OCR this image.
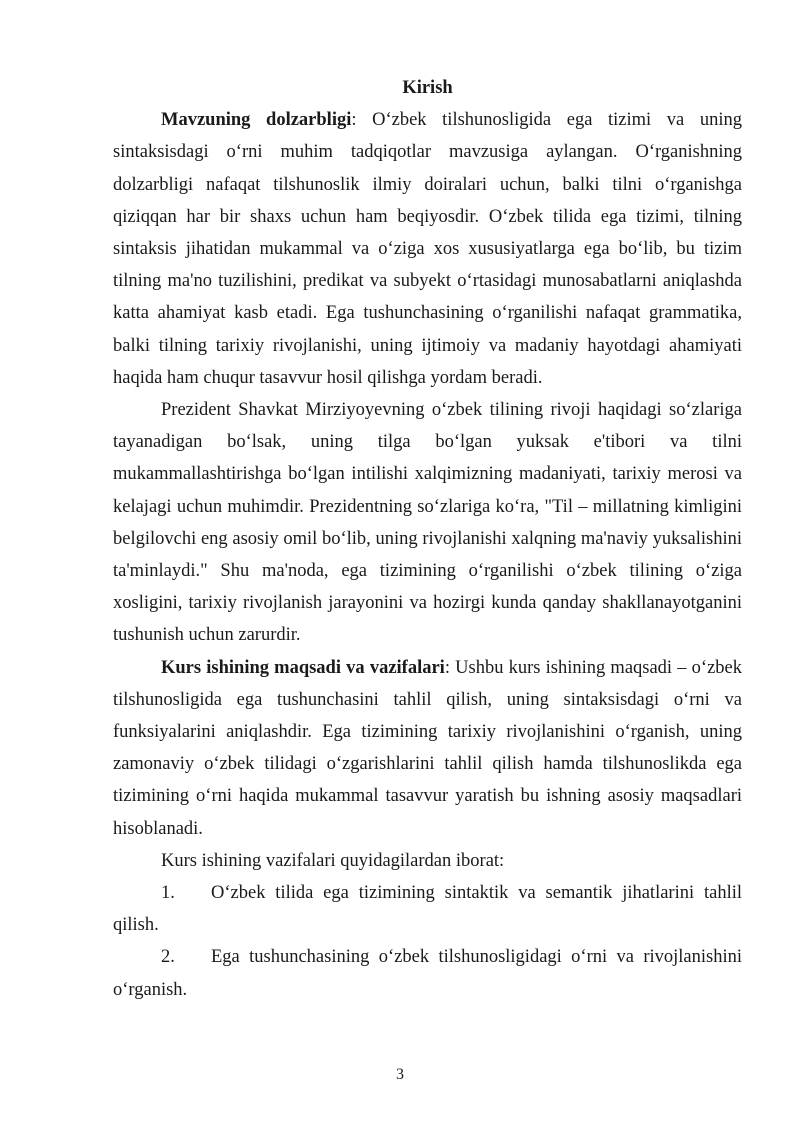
Kirish

Mavzuning dolzarbligi: O‘zbek tilshunosligida ega tizimi va uning sintaksisdagi o‘rni muhim tadqiqotlar mavzusiga aylangan. O‘rganishning dolzarbligi nafaqat tilshunoslik ilmiy doiralari uchun, balki tilni o‘rganishga qiziqqan har bir shaxs uchun ham beqiyosdir. O‘zbek tilida ega tizimi, tilning sintaksis jihatidan mukammal va o‘ziga xos xususiyatlarga ega bo‘lib, bu tizim tilning ma'no tuzilishini, predikat va subyekt o‘rtasidagi munosabatlarni aniqlashda katta ahamiyat kasb etadi. Ega tushunchasining o‘rganilishi nafaqat grammatika, balki tilning tarixiy rivojlanishi, uning ijtimoiy va madaniy hayotdagi ahamiyati haqida ham chuqur tasavvur hosil qilishga yordam beradi.

Prezident Shavkat Mirziyoyevning o‘zbek tilining rivoji haqidagi so‘zlariga tayanadigan bo‘lsak, uning tilga bo‘lgan yuksak e'tibori va tilni mukammallashtirishga bo‘lgan intilishi xalqimizning madaniyati, tarixiy merosi va kelajagi uchun muhimdir. Prezidentning so‘zlariga ko‘ra, "Til – millatning kimligini belgilovchi eng asosiy omil bo‘lib, uning rivojlanishi xalqning ma'naviy yuksalishini ta'minlaydi." Shu ma'noda, ega tizimining o‘rganilishi o‘zbek tilining o‘ziga xosligini, tarixiy rivojlanish jarayonini va hozirgi kunda qanday shakllanayotganini tushunish uchun zarurdir.

Kurs ishining maqsadi va vazifalari: Ushbu kurs ishining maqsadi – o‘zbek tilshunosligida ega tushunchasini tahlil qilish, uning sintaksisdagi o‘rni va funksiyalarini aniqlashdir. Ega tizimining tarixiy rivojlanishini o‘rganish, uning zamonaviy o‘zbek tilidagi o‘zgarishlarini tahlil qilish hamda tilshunoslikda ega tizimining o‘rni haqida mukammal tasavvur yaratish bu ishning asosiy maqsadlari hisoblanadi.

Kurs ishining vazifalari quyidagilardan iborat:

1. O‘zbek tilida ega tizimining sintaktik va semantik jihatlarini tahlil qilish.

2. Ega tushunchasining o‘zbek tilshunosligidagi o‘rni va rivojlanishini o‘rganish.

3
